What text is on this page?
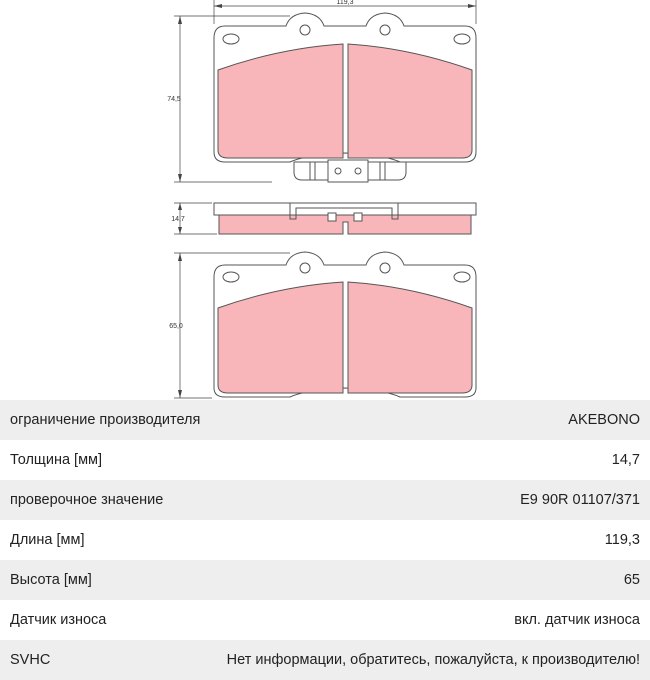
119,3
74,5
14,7
65,0
ограничение производителя	AKEBONO
Толщина [мм]	14,7
проверочное значение	E9 90R 01107/371
Длина [мм]	119,3
Высота [мм]	65
Датчик износа	вкл. датчик износа
SVHC	Нет информации, обратитесь, пожалуйста, к производителю!
